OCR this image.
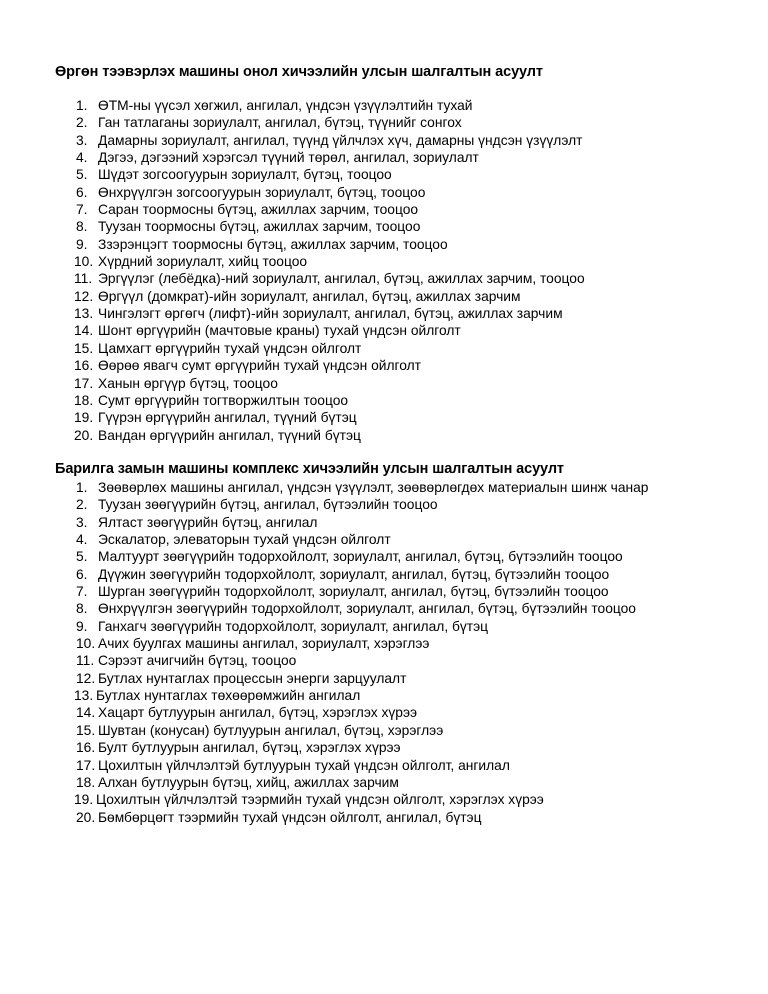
Өргөн тээвэрлэх машины онол хичээлийн улсын шалгалтын асуулт
1. ӨТМ-ны үүсэл хөгжил, ангилал, үндсэн үзүүлэлтийн тухай
2. Ган татлаганы зориулалт, ангилал, бүтэц, түүнийг сонгох
3. Дамарны зориулалт, ангилал, түүнд үйлчлэх хүч, дамарны үндсэн үзүүлэлт
4. Дэгээ, дэгээний хэрэгсэл түүний төрөл, ангилал, зориулалт
5. Шүдэт зогсоогуурын зориулалт, бүтэц, тооцоо
6. Өнхрүүлгэн зогсоогуурын зориулалт, бүтэц, тооцоо
7. Саран тоормосны бүтэц, ажиллах зарчим, тооцоо
8. Туузан тоормосны бүтэц, ажиллах зарчим, тооцоо
9.Ззэрэнцэгт тоормосны бүтэц, ажиллах зарчим, тооцоо
10. Хүрдний зориулалт, хийц тооцоо
11. Эргүүлэг (лебёдка)-ний зориулалт, ангилал, бүтэц, ажиллах зарчим, тооцоо
12. Өргүүл (домкрат)-ийн зориулалт, ангилал, бүтэц, ажиллах зарчим
13. Чингэлэгт өргөгч (лифт)-ийн зориулалт, ангилал, бүтэц, ажиллах зарчим
14. Шонт өргүүрийн (мачтовые краны) тухай үндсэн ойлголт
15. Цамхагт өргүүрийн тухай үндсэн ойлголт
16. Өөрөө явагч сумт өргүүрийн тухай үндсэн ойлголт
17. Ханын өргүүр бүтэц, тооцоо
18. Сумт өргүүрийн тогтворжилтын тооцоо
19.Гүүрэн өргүүрийн ангилал, түүний бүтэц
20.Вандан өргүүрийн ангилал, түүний бүтэц
Барилга замын машины комплекс хичээлийн улсын шалгалтын асуулт
1. Зөөвөрлөх машины ангилал, үндсэн үзүүлэлт, зөөвөрлөгдөх материалын шинж чанар
2. Туузан зөөгүүрийн бүтэц, ангилал, бүтээлийн тооцоо
3. Ялтаст зөөгүүрийн бүтэц, ангилал
4.Эскалатор, элеваторын тухай үндсэн ойлголт
5.Малтуурт зөөгүүрийн тодорхойлолт, зориулалт, ангилал, бүтэц, бүтээлийн тооцоо
6.Дүүжин зөөгүүрийн тодорхойлолт, зориулалт, ангилал, бүтэц, бүтээлийн тооцоо
7.Шурган зөөгүүрийн тодорхойлолт, зориулалт, ангилал, бүтэц, бүтээлийн тооцоо
8.Өнхрүүлгэн зөөгүүрийн тодорхойлолт, зориулалт, ангилал, бүтэц, бүтээлийн тооцоо
9.Ганхагч зөөгүүрийн тодорхойлолт, зориулалт, ангилал, бүтэц
10. Ачих буулгах машины ангилал, зориулалт, хэрэглээ
11. Сэрээт ачигчийн бүтэц, тооцоо
12. Бутлах нунтаглах процессын энерги зарцуулалт
13. Бутлах нунтаглах төхөөрөмжийн ангилал
14. Хацарт бутлуурын ангилал, бүтэц, хэрэглэх хүрээ
15. Шувтан (конусан) бутлуурын ангилал, бүтэц, хэрэглээ
16. Булт бутлуурын ангилал, бүтэц, хэрэглэх хүрээ
17. Цохилтын үйлчлэлтэй бутлуурын тухай үндсэн ойлголт, ангилал
18. Алхан бутлуурын бүтэц, хийц, ажиллах зарчим
19. Цохилтын үйлчлэлтэй тээрмийн тухай үндсэн ойлголт, хэрэглэх хүрээ
20. Бөмбөрцөгт тээрмийн тухай үндсэн ойлголт, ангилал, бүтэц
